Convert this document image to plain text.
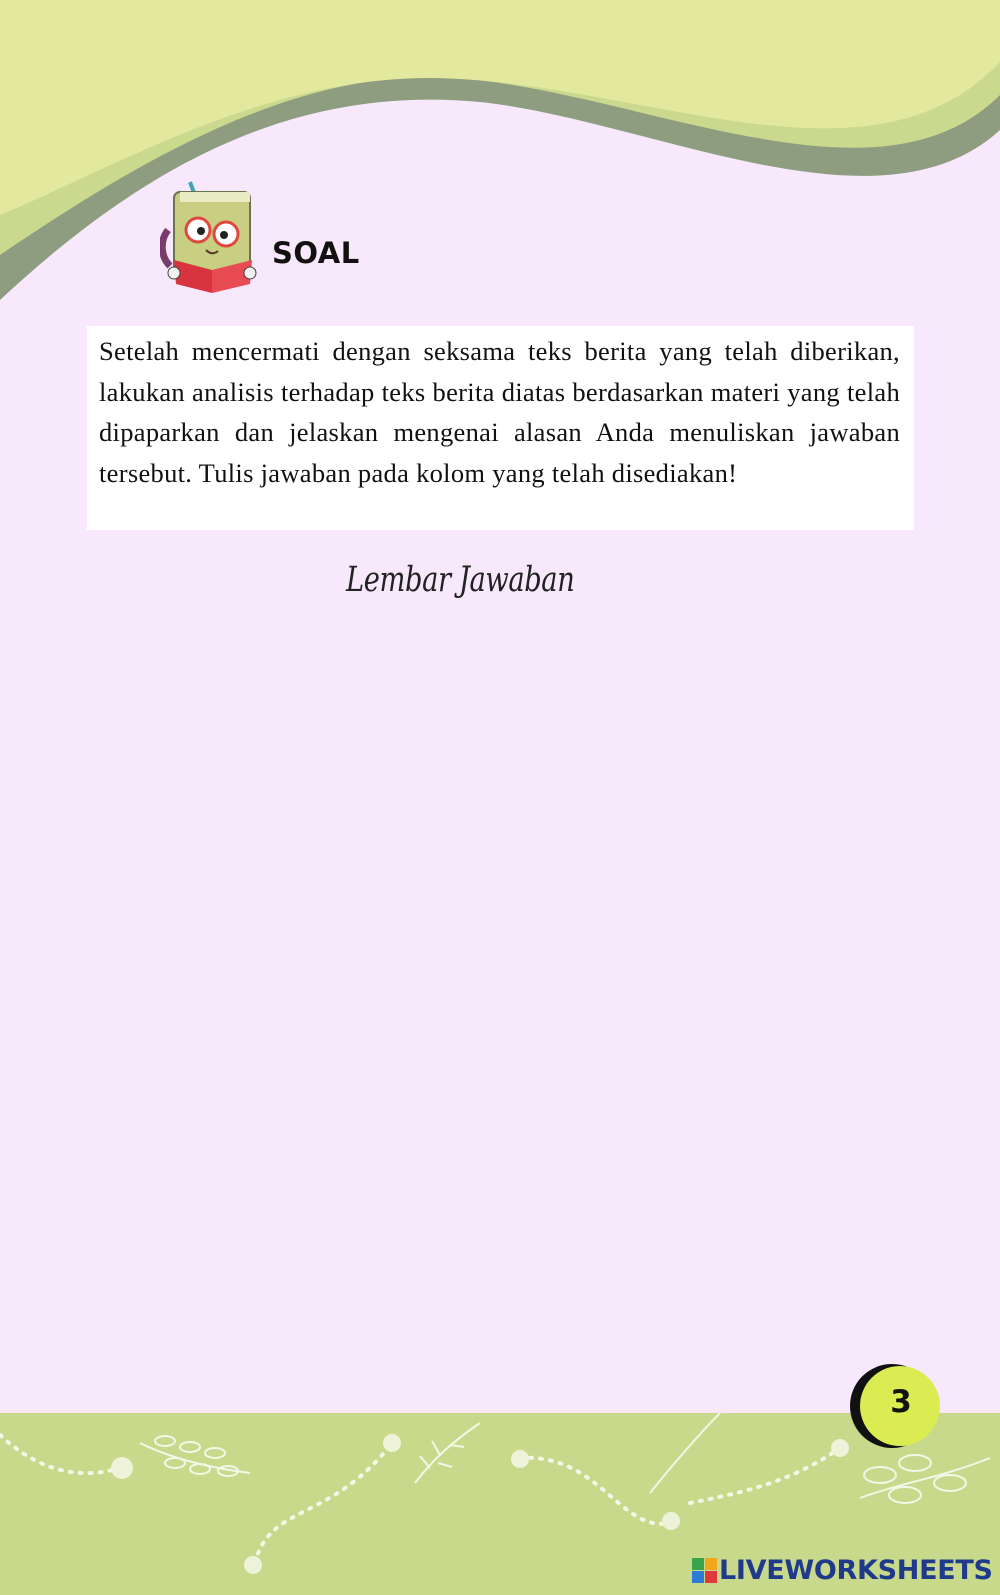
SOAL

Setelah mencermati dengan seksama teks berita yang telah diberikan, lakukan analisis terhadap teks berita diatas berdasarkan materi yang telah dipaparkan dan jelaskan mengenai alasan Anda menuliskan jawaban tersebut. Tulis jawaban pada kolom yang telah disediakan!

Lembar Jawaban
3
LIVEWORKSHEETS
